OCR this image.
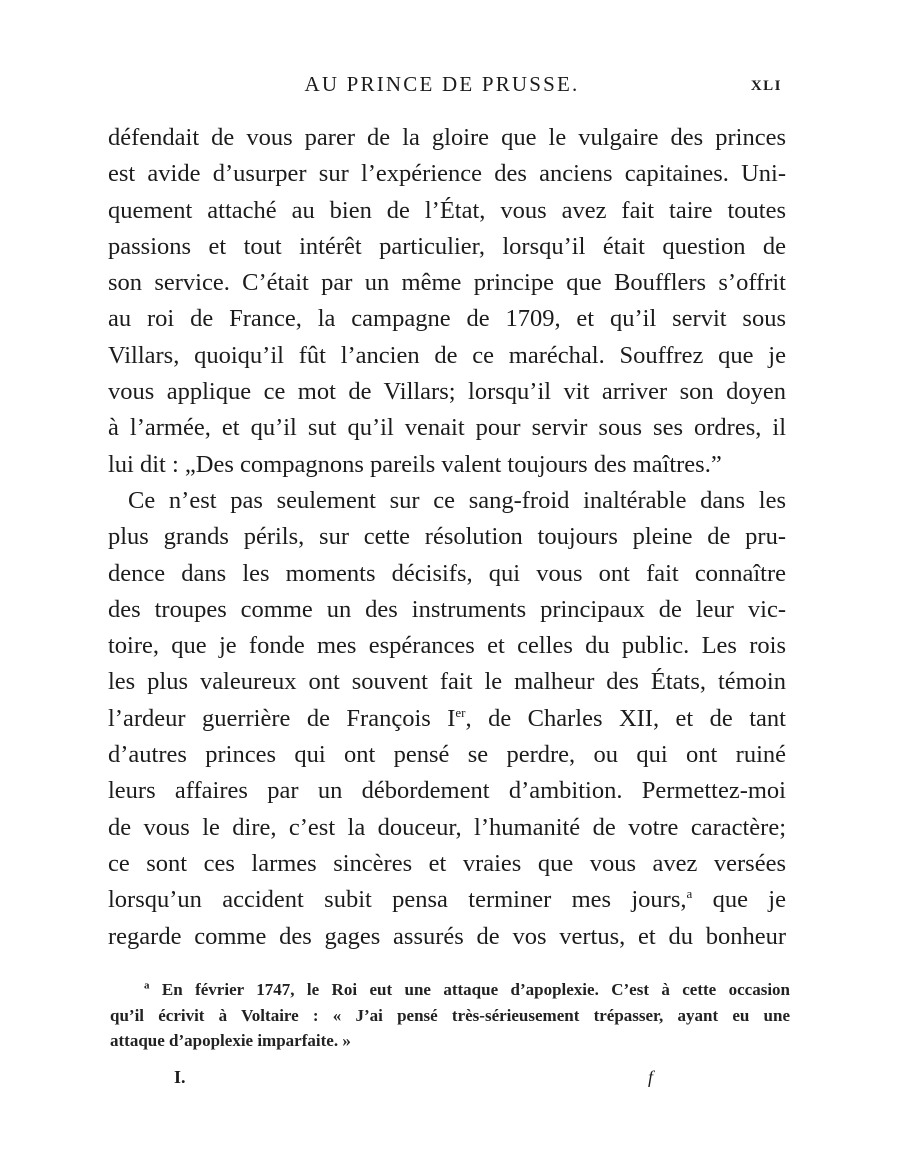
AU PRINCE DE PRUSSE.	XLI
défendait de vous parer de la gloire que le vulgaire des princes
est avide d’usurper sur l’expérience des anciens capitaines. Uni-
quement attaché au bien de l’État, vous avez fait taire toutes
passions et tout intérêt particulier, lorsqu’il était question de
son service. C’était par un même principe que Boufflers s’offrit
au roi de France, la campagne de 1709, et qu’il servit sous
Villars, quoiqu’il fût l’ancien de ce maréchal. Souffrez que je
vous applique ce mot de Villars; lorsqu’il vit arriver son doyen
à l’armée, et qu’il sut qu’il venait pour servir sous ses ordres, il
lui dit : „Des compagnons pareils valent toujours des maîtres.”
Ce n’est pas seulement sur ce sang-froid inaltérable dans les
plus grands périls, sur cette résolution toujours pleine de pru-
dence dans les moments décisifs, qui vous ont fait connaître
des troupes comme un des instruments principaux de leur vic-
toire, que je fonde mes espérances et celles du public. Les rois
les plus valeureux ont souvent fait le malheur des États, témoin
l’ardeur guerrière de François Ier, de Charles XII, et de tant
d’autres princes qui ont pensé se perdre, ou qui ont ruiné
leurs affaires par un débordement d’ambition. Permettez-moi
de vous le dire, c’est la douceur, l’humanité de votre caractère;
ce sont ces larmes sincères et vraies que vous avez versées
lorsqu’un accident subit pensa terminer mes jours,$^a$ que je
regarde comme des gages assurés de vos vertus, et du bonheur
$^a$ En février 1747, le Roi eut une attaque d’apoplexie. C’est à cette occasion
qu’il écrivit à Voltaire : « J’ai pensé très-sérieusement trépasser, ayant eu une
attaque d’apoplexie imparfaite. »
I.	f
